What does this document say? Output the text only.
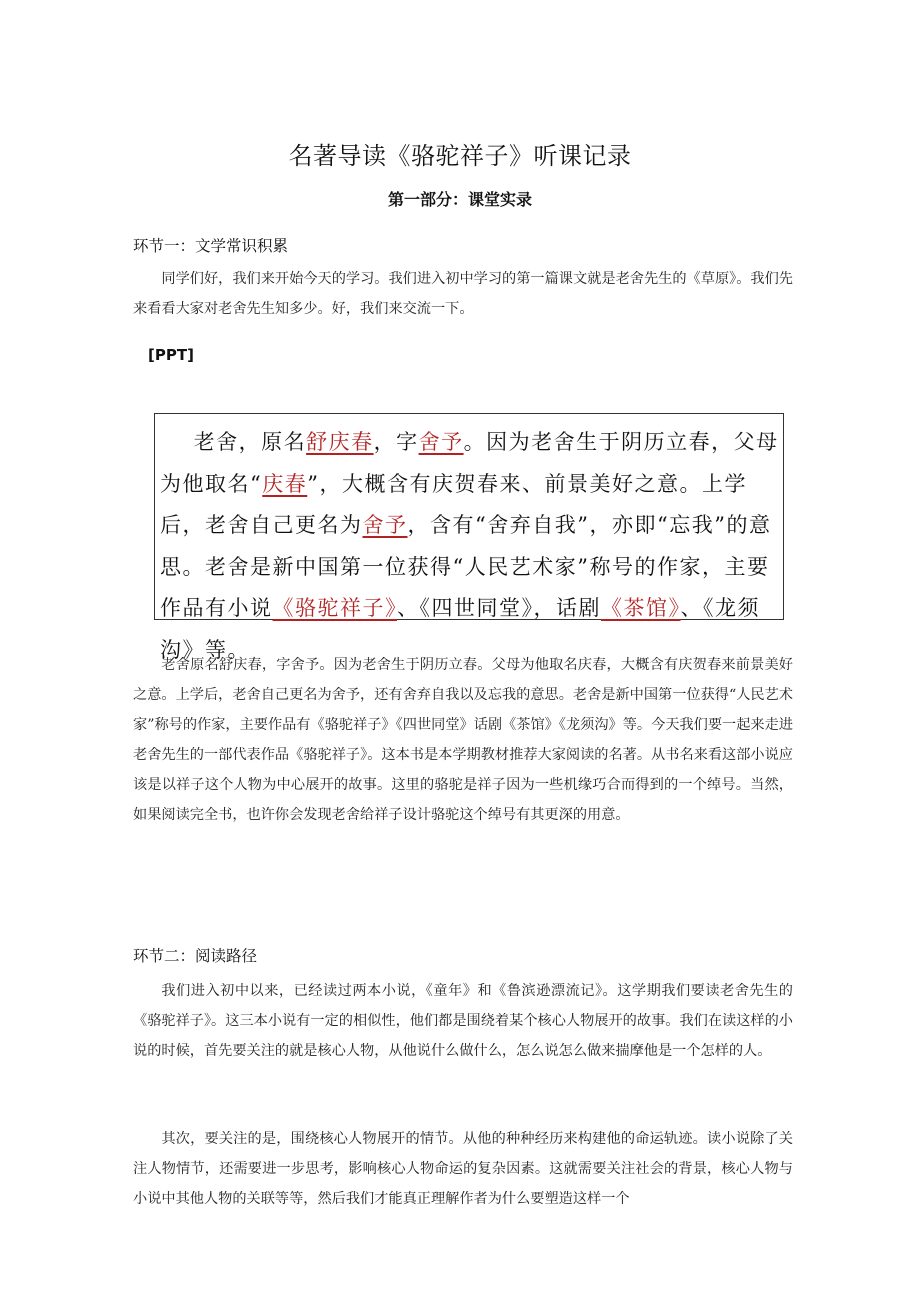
名著导读《骆驼祥子》听课记录
第一部分：课堂实录
环节一：文学常识积累
同学们好，我们来开始今天的学习。我们进入初中学习的第一篇课文就是老舍先生的《草原》。我们先来看看大家对老舍先生知多少。好，我们来交流一下。
[PPT]
老舍，原名舒庆春，字舍予。因为老舍生于阴历立春，父母为他取名“庆春”，大概含有庆贺春来、前景美好之意。上学后，老舍自己更名为舍予，含有“舍弃自我”，亦即“忘我”的意思。老舍是新中国第一位获得“人民艺术家”称号的作家，主要作品有小说《骆驼祥子》、《四世同堂》，话剧《茶馆》、《龙须沟》等。
老舍原名舒庆春，字舍予。因为老舍生于阴历立春。父母为他取名庆春，大概含有庆贺春来前景美好之意。上学后，老舍自己更名为舍予，还有舍弃自我以及忘我的意思。老舍是新中国第一位获得“人民艺术家”称号的作家，主要作品有《骆驼祥子》《四世同堂》话剧《茶馆》《龙须沟》等。今天我们要一起来走进老舍先生的一部代表作品《骆驼祥子》。这本书是本学期教材推荐大家阅读的名著。从书名来看这部小说应该是以祥子这个人物为中心展开的故事。这里的骆驼是祥子因为一些机缘巧合而得到的一个绰号。当然，如果阅读完全书，也许你会发现老舍给祥子设计骆驼这个绰号有其更深的用意。
环节二：阅读路径
我们进入初中以来，已经读过两本小说，《童年》和《鲁滨逊漂流记》。这学期我们要读老舍先生的《骆驼祥子》。这三本小说有一定的相似性，他们都是围绕着某个核心人物展开的故事。我们在读这样的小说的时候，首先要关注的就是核心人物，从他说什么做什么，怎么说怎么做来揣摩他是一个怎样的人。
其次，要关注的是，围绕核心人物展开的情节。从他的种种经历来构建他的命运轨迹。读小说除了关注人物情节，还需要进一步思考，影响核心人物命运的复杂因素。这就需要关注社会的背景，核心人物与小说中其他人物的关联等等，然后我们才能真正理解作者为什么要塑造这样一个
